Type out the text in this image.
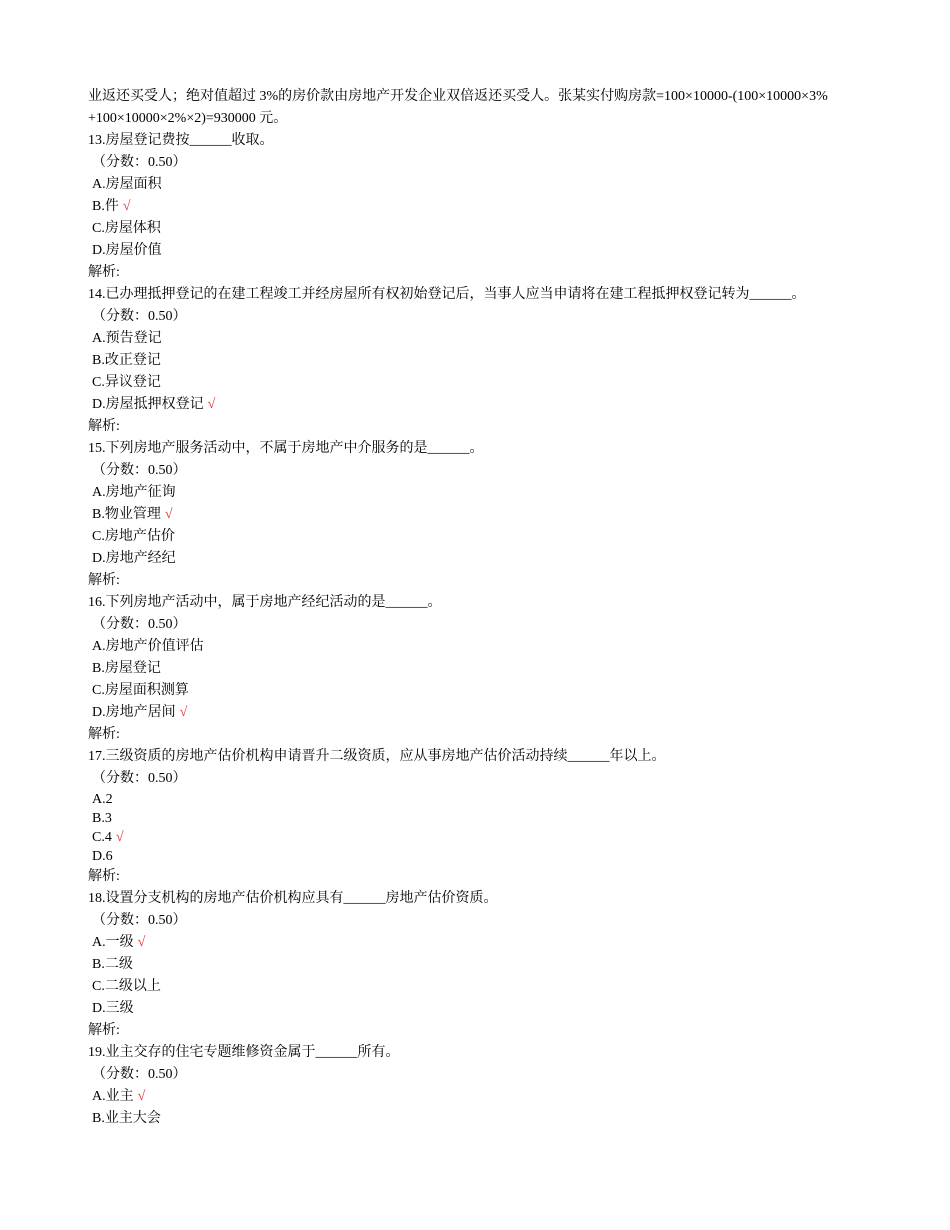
业返还买受人；绝对值超过 3%的房价款由房地产开发企业双倍返还买受人。张某实付购房款=100×10000-(100×10000×3%
+100×10000×2%×2)=930000 元。
13.房屋登记费按______收取。
（分数：0.50）
A.房屋面积
B.件 √
C.房屋体积
D.房屋价值
解析:
14.已办理抵押登记的在建工程竣工并经房屋所有权初始登记后，当事人应当申请将在建工程抵押权登记转为______。
（分数：0.50）
A.预告登记
B.改正登记
C.异议登记
D.房屋抵押权登记 √
解析:
15.下列房地产服务活动中，不属于房地产中介服务的是______。
（分数：0.50）
A.房地产征询
B.物业管理 √
C.房地产估价
D.房地产经纪
解析:
16.下列房地产活动中，属于房地产经纪活动的是______。
（分数：0.50）
A.房地产价值评估
B.房屋登记
C.房屋面积测算
D.房地产居间 √
解析:
17.三级资质的房地产估价机构申请晋升二级资质，应从事房地产估价活动持续______年以上。
（分数：0.50）
A.2
B.3
C.4 √
D.6
解析:
18.设置分支机构的房地产估价机构应具有______房地产估价资质。
（分数：0.50）
A.一级 √
B.二级
C.二级以上
D.三级
解析:
19.业主交存的住宅专题维修资金属于______所有。
（分数：0.50）
A.业主 √
B.业主大会
